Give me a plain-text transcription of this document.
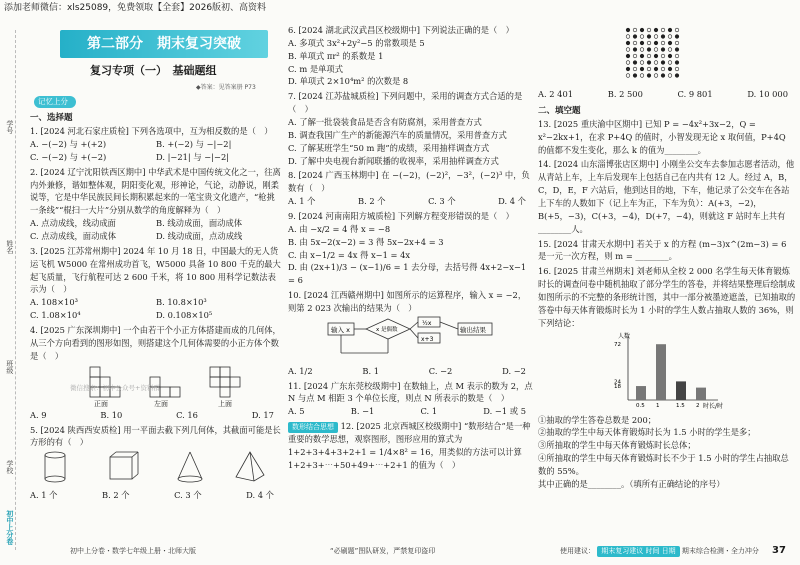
添加老师微信：xls25089，免费领取【全套】2026版初、高资料
学号
姓名
班级
学校
初中上分卷
第二部分　期末复习突破
复习专项（一）　基础题组
◆答案：见答案册 P73
记忆上分
一、选择题
1. [2024 河北石家庄质检] 下列各选项中，互为相反数的是（　）
A. −(−2) 与 +(+2)	B. +(−2) 与 −|−2|
C. −(−2) 与 +(−2)	D. |−21| 与 −|−2|
2. [2024 辽宁沈阳铁西区期中] 中华武术是中国传统文化之一，往离内外兼修，谐如整体观，阴阳变化观，形神论，气论，动静说，刚柔说等，它是中华民族民间长期积累起来的一笔宝贵文化遗产，“枪挑一条线”“棍扫一大片”分别从数学的角度解释为（　）
A. 点动成线，线动成面	B. 线动成面，面动成体
C. 点动成线，面动成体	D. 线动成面，点动成线
3. [2025 江苏常州期中] 2024 年 10 月 18 日，中国最大的无人货运飞机 W5000 在常州成功首飞，W5000 具备 10 800 千克的最大起飞质量，飞行航程可达 2 600 千米，将 10 800 用科学记数法表示为（　）
A. 108×10³	B. 10.8×10³
C. 1.08×10⁴	D. 0.108×10⁵
4. [2025 广东深圳期中] 一个由若干个小正方体搭建而成的几何体，从三个方向看到的图形如图，则搭建这个几何体需要的小正方体个数是（　）
微信搜索：初中公众号+资料群
正面	左面	上面
A. 9	B. 10	C. 16	D. 17
5. [2024 陕西西安质检] 用一平面去截下列几何体，其截面可能是长方形的有（　）
A. 1 个	B. 2 个	C. 3 个	D. 4 个
初中上分卷・数学七年级上册・北师大版
6. [2024 湖北武汉武昌区校级期中] 下列说法正确的是（　）
A. 多项式 3x²+2y²−5 的常数项是 5
B. 单项式 πr² 的系数是 1
C. m 是单项式
D. 单项式 2×10⁴m² 的次数是 8
7. [2024 江苏盐城质检] 下列问题中，采用的调查方式合适的是（　）
A. 了解一批袋装食品是否含有防腐剂，采用普查方式
B. 调查我国广生产的新能源汽车的质量情况，采用普查方式
C. 了解某班学生“50 m 跑”的成绩，采用抽样调查方式
D. 了解中央电视台新闻联播的收视率，采用抽样调查方式
8. [2024 广西玉林期中] 在 −(−2)，(−2)²，−3²，(−2)³ 中，负数有（　）
A. 1 个	B. 2 个	C. 3 个	D. 4 个
9. [2024 河南南阳方城质检] 下列解方程变形错误的是（　）
A. 由 −x/2 = 4 得 x = −8
B. 由 5x−2(x−2) = 3 得 5x−2x+4 = 3
C. 由 x−1/2 = 4x 得 x−1 = 4x
D. 由 (2x+1)/3 − (x−1)/6 = 1 去分母，去括号得 4x+2−x−1 = 6
10. [2024 江西赣州期中] 如图所示的运算程序，输入 x = −2，则第 2 023 次输出的结果为（　）
输入 x	x 是偶数
½x
x+3
输出结果
A. 1/2	B. 1	C. −2	D. −2
11. [2024 广东东莞校级期中] 在数轴上，点 M 表示的数为 2，点 N 与点 M 相距 3 个单位长度，则点 N 所表示的数是（　）
A. 5	B. −1	C. 1	D. −1 或 5
数形结合思想 12. [2025 北京西城区校级期中] “数形结合”是一种重要的数学思想，观察图形，图形应用的算式为 1+2+3+4+3+2+1 = 1/4×8² = 16，用类似的方法可以计算 1+2+3+⋯+50+49+⋯+2+1 的值为（　）
“必刷题”图队研发，严禁复印盗印
A. 2 401	B. 2 500	C. 9 801	D. 10 000
二、填空题
13. [2025 重庆渝中区期中] 已知 P = −4x²+3x−2，Q = x²−2kx+1，在求 P+4Q 的值时，小智发现无论 x 取何值，P+4Q 的值都不发生变化，那么 k 的值为________。
14. [2024 山东淄博张店区期中] 小刚坐公交车去参加志愿者活动，他从青站上车，上车后发现车上包括自己在内共有 12 人。经过 A，B，C，D，E，F 六站后，他到达目的地，下车，他记录了公交车在各站上下车的人数如下（记上车为正，下车为负）：A(+3，−2)，B(+5，−3)，C(+3，−4)，D(+7，−4)，则就这 F 站时车上共有________人。
15. [2024 甘肃天水期中] 若关于 x 的方程 (m−3)x^(2m−3) = 6 是一元一次方程，则 m = ________。
16. [2025 甘肃兰州期末] 刘老师从全校 2 000 名学生每天体育锻炼时长的调查问卷中随机抽取了部分学生的答卷，并将结果整理后绘制成如图所示的不完整的条形统计图，其中一部分被墨迹遮盖，已知抽取的答卷中每天体育锻炼时长为 1 小时的学生人数占抽取人数的 36%，则下列结论：
人数
时长/时
0.5 1	1.5 2
18
24
72
①抽取的学生答卷总数是 200；
②抽取的学生中每天体育锻炼时长为 1.5 小时的学生是多；
③所抽取的学生中每天体育锻炼时长总体；
④所抽取的学生中每天体育锻炼时长不少于 1.5 小时的学生占抽取总数的 55%。
其中正确的是________。（填所有正确结论的序号）
使用建议： 期末复习建议 时间 日期 期末综合检测・全力冲分 37
